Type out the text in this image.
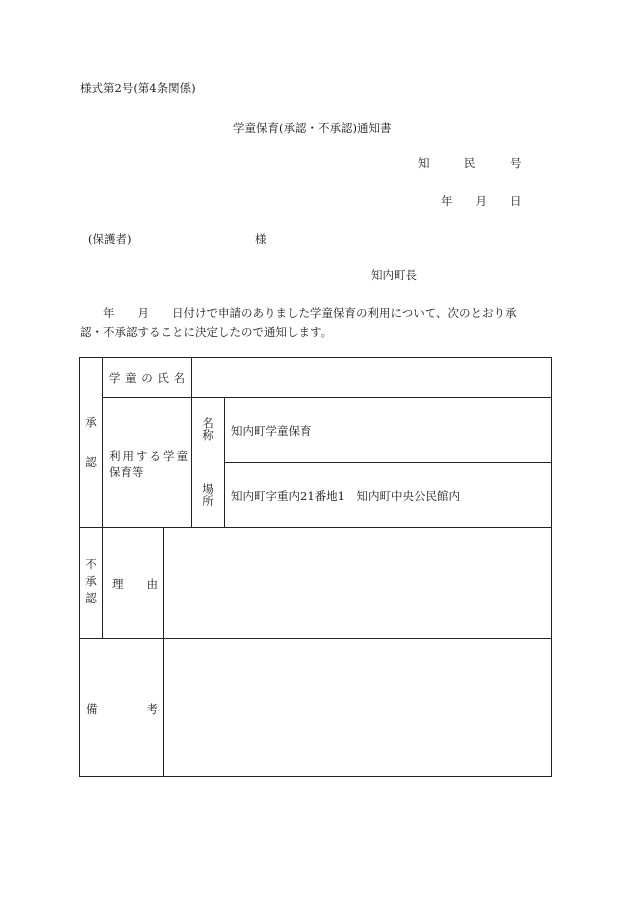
様式第2号(第4条関係)
学童保育(承認・不承認)通知書
知　　　民　　　号
年　　月　　日
(保護者)	様
知内町長
　　年　　月　　日付けで申請のありました学童保育の利用について、次のとおり承
認・不承認することに決定したので通知します。
承
認
学 童 の 氏 名
利用する学童
保育等
名称 知内町学童保育
場所 知内町字重内21番地1　知内町中央公民館内
不承認
理　　由
備	考
